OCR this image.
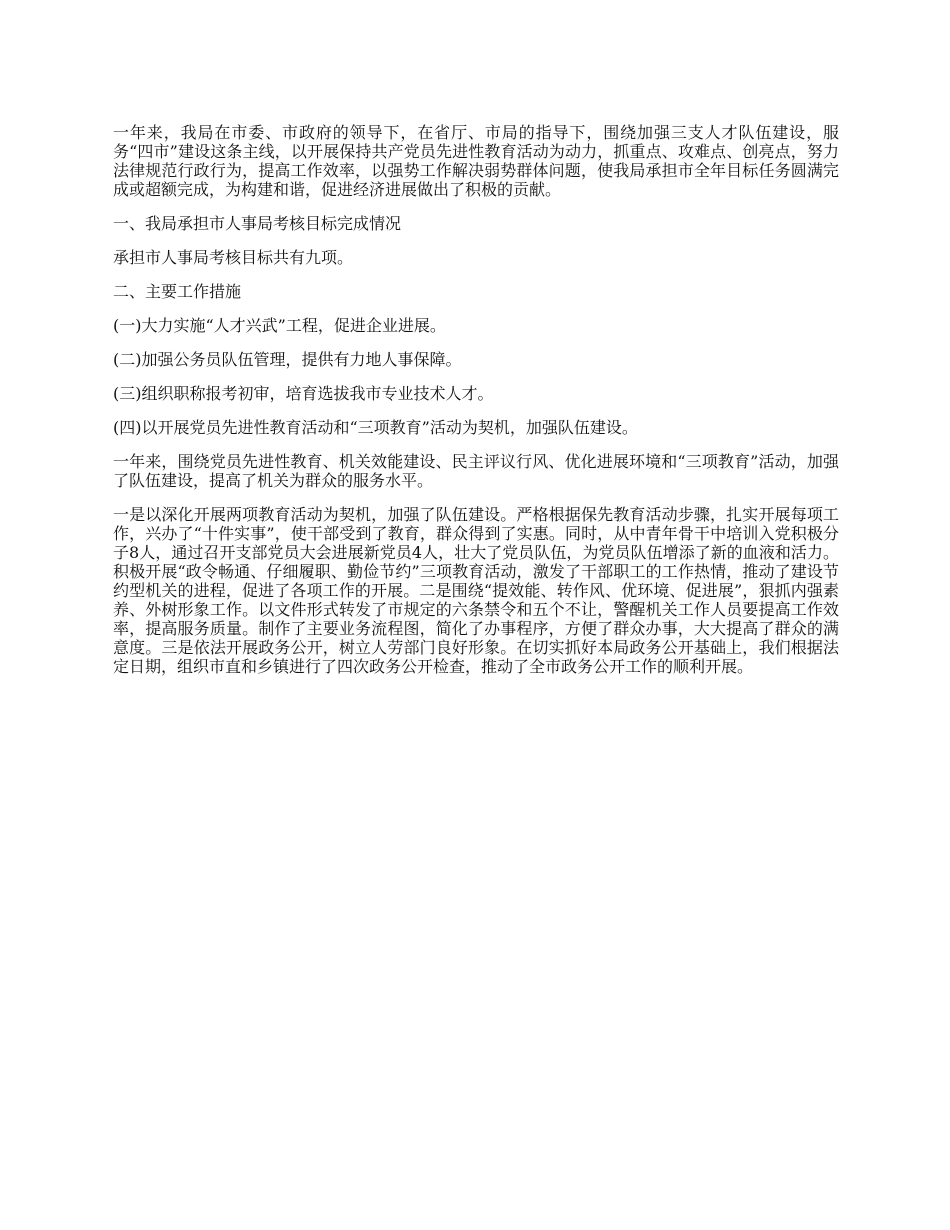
一年来，我局在市委、市政府的领导下，在省厅、市局的指导下，围绕加强三支人才队伍建设，服务“四市”建设这条主线，以开展保持共产党员先进性教育活动为动力，抓重点、攻难点、创亮点，努力法律规范行政行为，提高工作效率，以强势工作解决弱势群体问题，使我局承担市全年目标任务圆满完成或超额完成，为构建和谐，促进经济进展做出了积极的贡献。

一、我局承担市人事局考核目标完成情况

承担市人事局考核目标共有九项。

二、主要工作措施

(一)大力实施“人才兴武”工程，促进企业进展。

(二)加强公务员队伍管理，提供有力地人事保障。

(三)组织职称报考初审，培育选拔我市专业技术人才。

(四)以开展党员先进性教育活动和“三项教育”活动为契机，加强队伍建设。

一年来，围绕党员先进性教育、机关效能建设、民主评议行风、优化进展环境和“三项教育”活动，加强了队伍建设，提高了机关为群众的服务水平。

一是以深化开展两项教育活动为契机，加强了队伍建设。严格根据保先教育活动步骤，扎实开展每项工作，兴办了“十件实事”，使干部受到了教育，群众得到了实惠。同时，从中青年骨干中培训入党积极分子8人，通过召开支部党员大会进展新党员4人，壮大了党员队伍，为党员队伍增添了新的血液和活力。积极开展“政令畅通、仔细履职、勤俭节约”三项教育活动，激发了干部职工的工作热情，推动了建设节约型机关的进程，促进了各项工作的开展。二是围绕“提效能、转作风、优环境、促进展”，狠抓内强素养、外树形象工作。以文件形式转发了市规定的六条禁令和五个不让，警醒机关工作人员要提高工作效率，提高服务质量。制作了主要业务流程图，简化了办事程序，方便了群众办事，大大提高了群众的满意度。三是依法开展政务公开，树立人劳部门良好形象。在切实抓好本局政务公开基础上，我们根据法定日期，组织市直和乡镇进行了四次政务公开检查，推动了全市政务公开工作的顺利开展。
